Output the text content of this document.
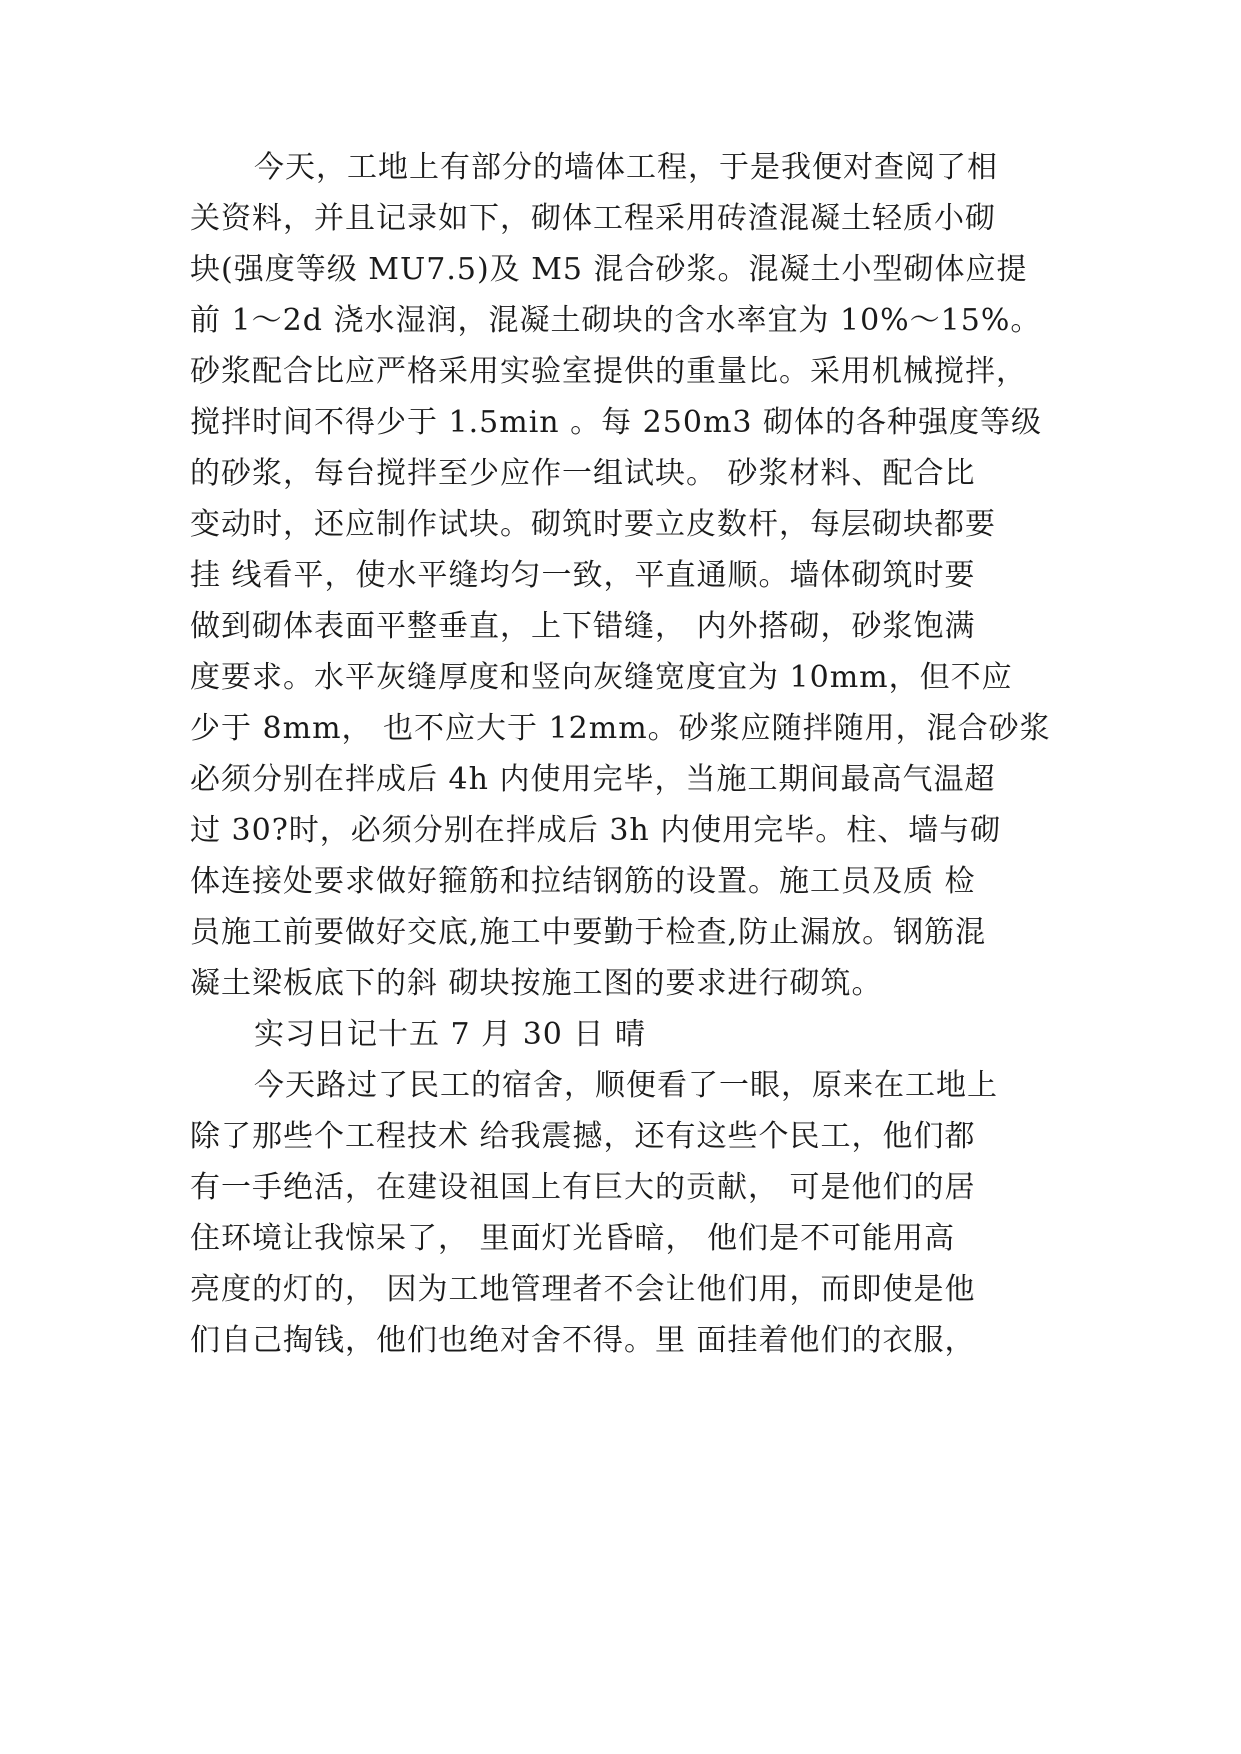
今天，工地上有部分的墙体工程，于是我便对查阅了相
关资料，并且记录如下，砌体工程采用砖渣混凝土轻质小砌
块(强度等级 MU7.5)及 M5 混合砂浆。混凝土小型砌体应提
前 1～2d 浇水湿润，混凝土砌块的含水率宜为 10%～15%。
砂浆配合比应严格采用实验室提供的重量比。采用机械搅拌，
搅拌时间不得少于 1.5min 。每 250m3 砌体的各种强度等级
的砂浆，每台搅拌至少应作一组试块。 砂浆材料、配合比
变动时，还应制作试块。砌筑时要立皮数杆，每层砌块都要
挂 线看平，使水平缝均匀一致，平直通顺。墙体砌筑时要
做到砌体表面平整垂直，上下错缝， 内外搭砌，砂浆饱满
度要求。水平灰缝厚度和竖向灰缝宽度宜为 10mm，但不应
少于 8mm， 也不应大于 12mm。砂浆应随拌随用，混合砂浆
必须分别在拌成后 4h 内使用完毕，当施工期间最高气温超
过 30?时，必须分别在拌成后 3h 内使用完毕。柱、墙与砌
体连接处要求做好箍筋和拉结钢筋的设置。施工员及质 检
员施工前要做好交底,施工中要勤于检查,防止漏放。钢筋混
凝土梁板底下的斜 砌块按施工图的要求进行砌筑。
实习日记十五 7 月 30 日 晴
今天路过了民工的宿舍，顺便看了一眼，原来在工地上
除了那些个工程技术 给我震撼，还有这些个民工，他们都
有一手绝活，在建设祖国上有巨大的贡献， 可是他们的居
住环境让我惊呆了， 里面灯光昏暗， 他们是不可能用高
亮度的灯的， 因为工地管理者不会让他们用，而即使是他
们自己掏钱，他们也绝对舍不得。里 面挂着他们的衣服，
